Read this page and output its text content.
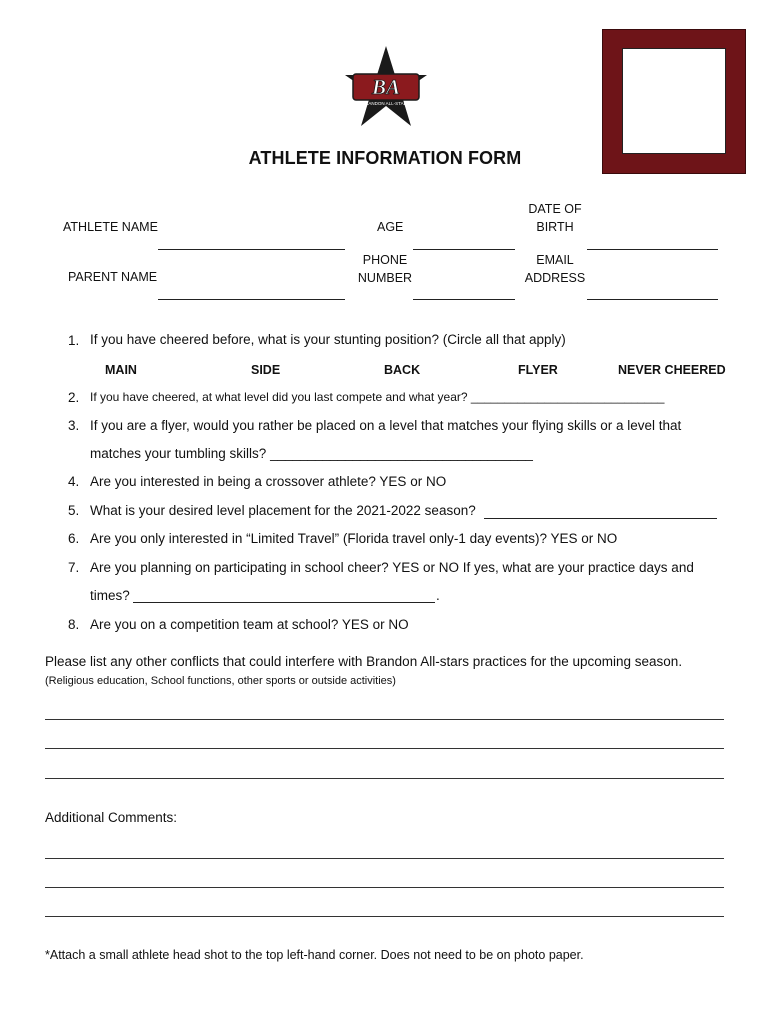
BA
BRANDON ALL-STARS
ATHLETE INFORMATION FORM
ATHLETE NAME	AGE
DATE OF
BIRTH
PARENT NAME
PHONE
NUMBER
EMAIL
ADDRESS
1. If you have cheered before, what is your stunting position? (Circle all that apply)
MAIN	SIDE	BACK	FLYER	NEVER CHEERED
2. If you have cheered, at what level did you last compete and what year? _____________________________
3. If you are a flyer, would you rather be placed on a level that matches your flying skills or a level that
matches your tumbling skills? ___________________________________
4. Are you interested in being a crossover athlete? YES or NO
5. What is your desired level placement for the 2021-2022 season?
6. Are you only interested in “Limited Travel” (Florida travel only-1 day events)? YES or NO
7. Are you planning on participating in school cheer? YES or NO If yes, what are your practice days and
times?	.
8. Are you on a competition team at school? YES or NO
Please list any other conflicts that could interfere with Brandon All-stars practices for the upcoming season.
(Religious education, School functions, other sports or outside activities)
Additional Comments:
*Attach a small athlete head shot to the top left-hand corner. Does not need to be on photo paper.
